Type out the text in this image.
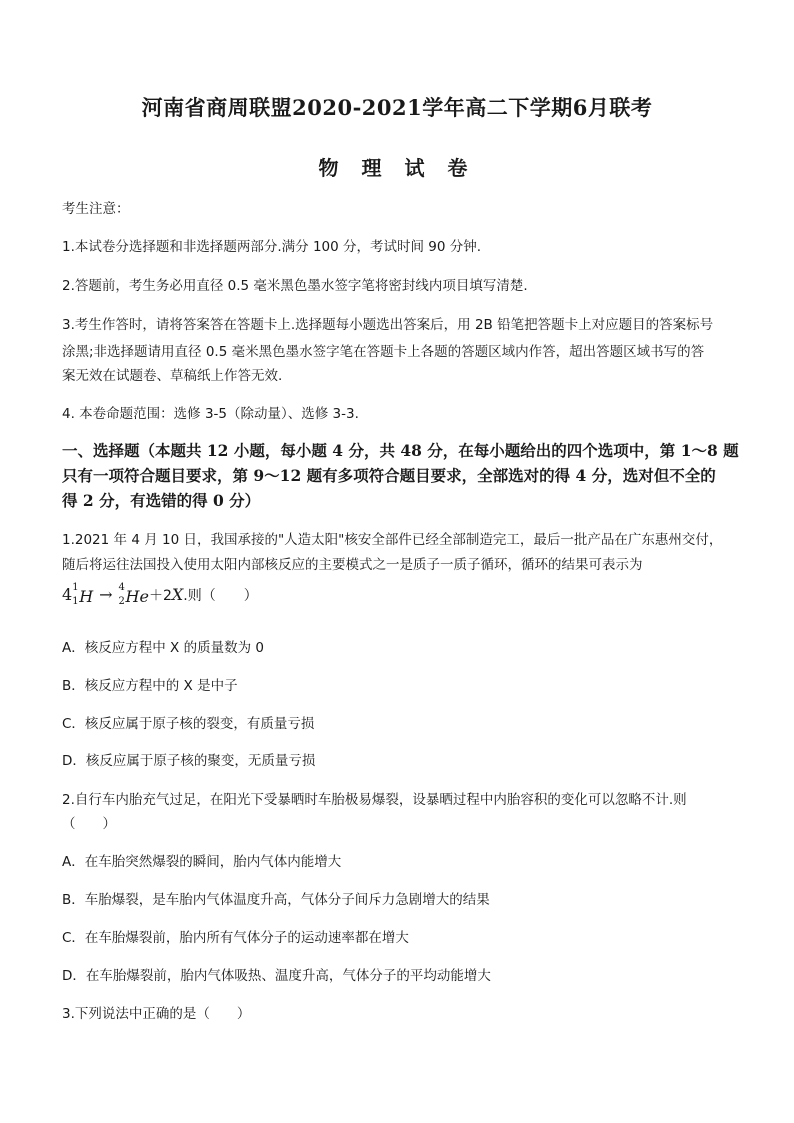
河南省商周联盟2020-2021学年高二下学期6月联考
物 理 试 卷
考生注意：
1.本试卷分选择题和非选择题两部分.满分 100 分，考试时间 90 分钟.
2.答题前，考生务必用直径 0.5 毫米黑色墨水签字笔将密封线内项目填写清楚.
3.考生作答时，请将答案答在答题卡上.选择题每小题选出答案后，用 2B 铅笔把答题卡上对应题目的答案标号
涂黑;非选择题请用直径 0.5 毫米黑色墨水签字笔在答题卡上各题的答题区域内作答，超出答题区域书写的答
案无效在试题卷、草稿纸上作答无效.
4. 本卷命题范围：选修 3-5（除动量）、选修 3-3.
一、选择题（本题共 12 小题，每小题 4 分，共 48 分，在每小题给出的四个选项中，第 1～8 题
只有一项符合题目要求，第 9～12 题有多项符合题目要求，全部选对的得 4 分，选对但不全的
得 2 分，有选错的得 0 分）
1.2021 年 4 月 10 日，我国承接的"人造太阳"核安全部件已经全部制造完工，最后一批产品在广东惠州交付，
随后将运往法国投入使用太阳内部核反应的主要模式之一是质子一质子循环，循环的结果可表示为
4 1
1 H → 4
2 He＋2X.则（　　）
A．核反应方程中 X 的质量数为 0
B．核反应方程中的 X 是中子
C．核反应属于原子核的裂变，有质量亏损
D．核反应属于原子核的聚变，无质量亏损
2.自行车内胎充气过足，在阳光下受暴晒时车胎极易爆裂，设暴晒过程中内胎容积的变化可以忽略不计.则
（　　）
A．在车胎突然爆裂的瞬间，胎内气体内能增大
B．车胎爆裂，是车胎内气体温度升高，气体分子间斥力急剧增大的结果
C．在车胎爆裂前，胎内所有气体分子的运动速率都在增大
D．在车胎爆裂前，胎内气体吸热、温度升高，气体分子的平均动能增大
3.下列说法中正确的是（　　）
